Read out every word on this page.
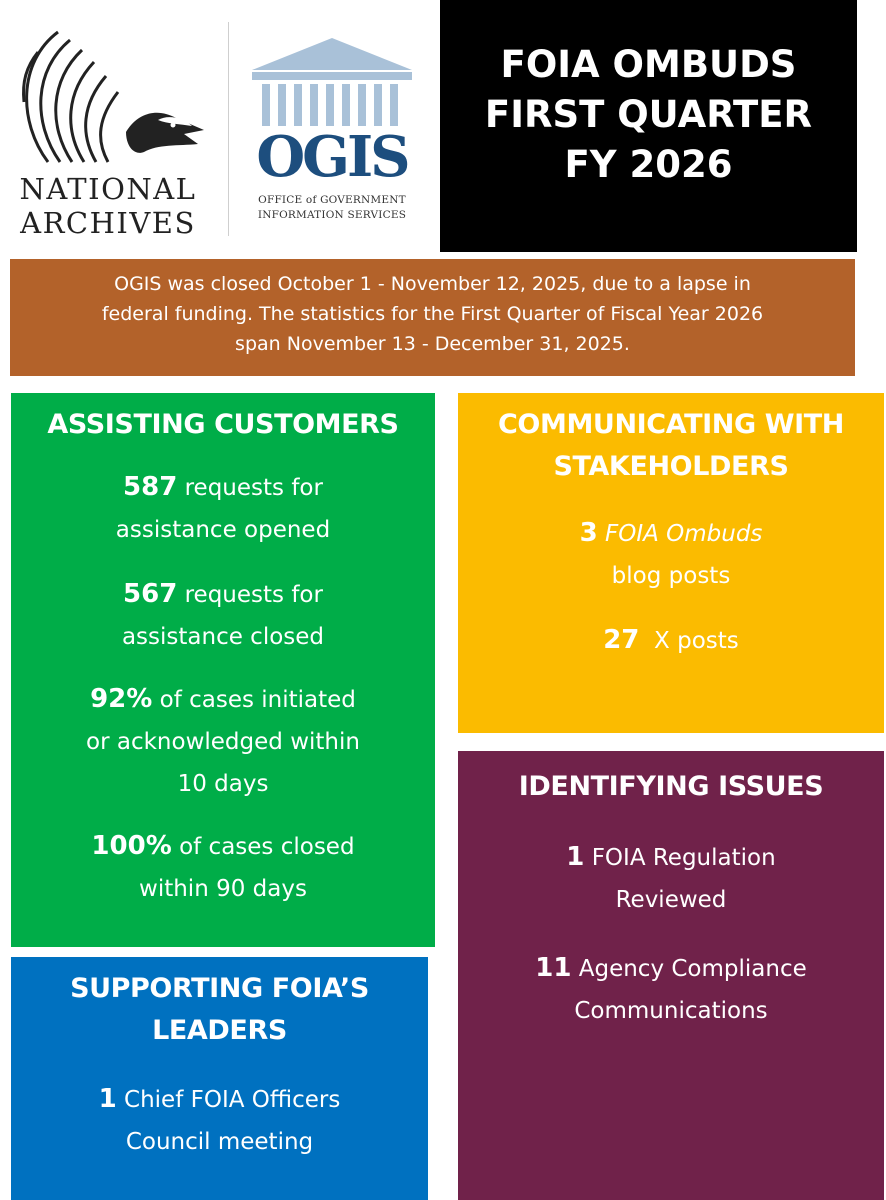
NATIONAL
ARCHIVES
OGIS
OFFICE of GOVERNMENT
INFORMATION SERVICES
FOIA OMBUDS
FIRST QUARTER
FY 2026
OGIS was closed October 1 - November 12, 2025, due to a lapse in
federal funding. The statistics for the First Quarter of Fiscal Year 2026
span November 13 - December 31, 2025.
ASSISTING CUSTOMERS
587 requests for
assistance opened
567 requests for
assistance closed
92% of cases initiated
or acknowledged within
10 days
100% of cases closed
within 90 days
COMMUNICATING WITH
STAKEHOLDERS
3 FOIA Ombuds
blog posts
27 X posts
IDENTIFYING ISSUES
1 FOIA Regulation
Reviewed
11 Agency Compliance
Communications
SUPPORTING FOIA’S
LEADERS
1 Chief FOIA Officers
Council meeting
